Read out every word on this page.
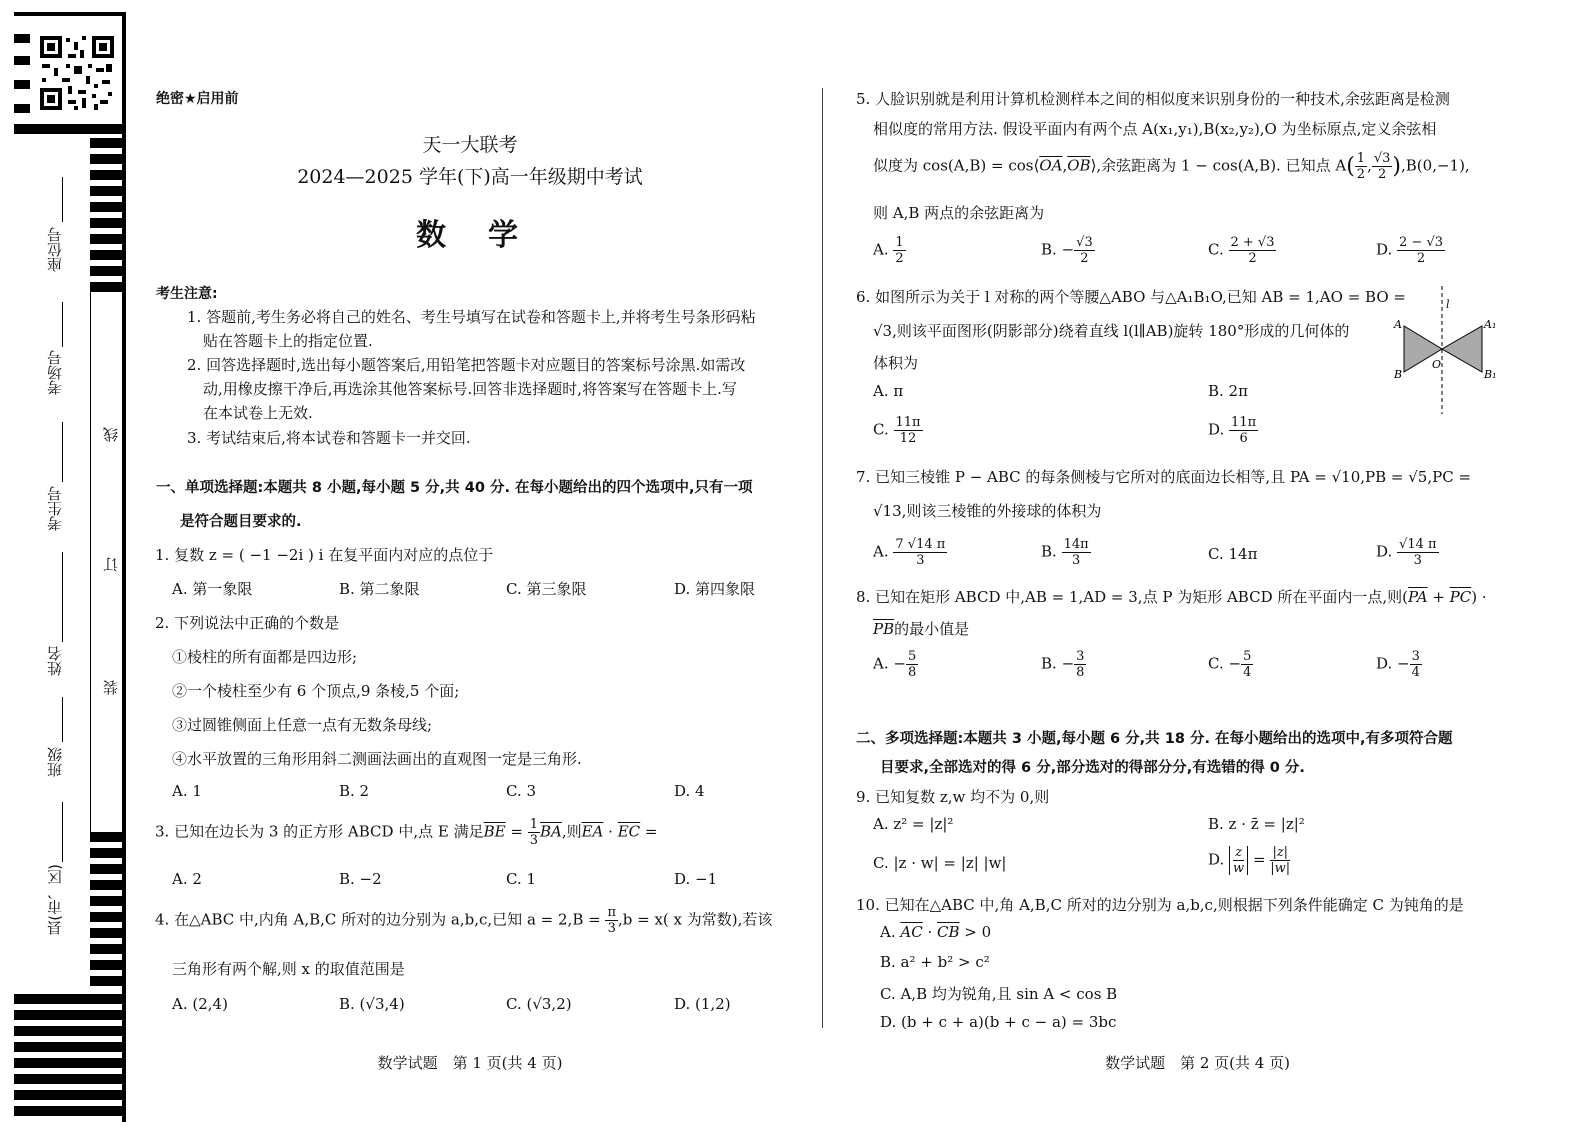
座位号
考场号
考生号
姓名
班级
县(市、区)
线
订
装
绝密★启用前
天一大联考
2024—2025 学年(下)高一年级期中考试
数　学
考生注意:
1. 答题前,考生务必将自己的姓名、考生号填写在试卷和答题卡上,并将考生号条形码粘
贴在答题卡上的指定位置.
2. 回答选择题时,选出每小题答案后,用铅笔把答题卡对应题目的答案标号涂黑.如需改
动,用橡皮擦干净后,再选涂其他答案标号.回答非选择题时,将答案写在答题卡上.写
在本试卷上无效.
3. 考试结束后,将本试卷和答题卡一并交回.
一、单项选择题:本题共 8 小题,每小题 5 分,共 40 分. 在每小题给出的四个选项中,只有一项
是符合题目要求的.
1. 复数 z = ( −1 −2i ) i 在复平面内对应的点位于
A. 第一象限	B. 第二象限	C. 第三象限	D. 第四象限
2. 下列说法中正确的个数是
①棱柱的所有面都是四边形;
②一个棱柱至少有 6 个顶点,9 条棱,5 个面;
③过圆锥侧面上任意一点有无数条母线;
④水平放置的三角形用斜二测画法画出的直观图一定是三角形.
A. 1	B. 2	C. 3	D. 4
3. 已知在边长为 3 的正方形 ABCD 中,点 E 满足$\overline{BE} = \frac{1}{3} \overline{BA}$,则$\overline{EA} \cdot \overline{EC}$ =
A. 2	B. −2	C. 1	D. −1
4. 在△ABC 中,内角 A,B,C 所对的边分别为 a,b,c,已知 $a = 2,B = \frac{\pi}{3} ,b = x$( x 为常数),若该
三角形有两个解,则 x 的取值范围是
A. (2,4)	B. (√3,4)	C. (√3,2)	D. (1,2)
数学试题　第 1 页(共 4 页)
5. 人脸识别就是利用计算机检测样本之间的相似度来识别身份的一种技术,余弦距离是检测
相似度的常用方法. 假设平面内有两个点 A(x₁,y₁),B(x₂,y₂),O 为坐标原点,定义余弦相
似度为 $\cos(A,B) = \cos⟨\overline{OA},\overline{OB}⟩$,余弦距离为 1 − cos(A,B). 已知点 $A( \frac{1}{2}$ , $\frac{√3}{2} ),B(0,-1)$,
则 A,B 两点的余弦距离为
A. $\frac{1}{2}$	B. − $\frac{√3}{2}$	C. $\frac{2 + √3}{2}$	D. $\frac{2 - √3}{2}$
6. 如图所示为关于 l 对称的两个等腰△ABO 与△A₁B₁O,已知 AB = 1,AO = BO =
√3,则该平面图形(阴影部分)绕着直线 l(l∥AB)旋转 180°形成的几何体的
体积为
A. π	B. 2π
C. $\frac{11\pi}{12}$	D. $\frac{11\pi}{6}$
l
A
B
O
A₁
B₁
7. 已知三棱锥 P − ABC 的每条侧棱与它所对的底面边长相等,且 PA = √10,PB = √5,PC =
√13,则该三棱锥的外接球的体积为
A. $\frac{7 √14 \pi}{3}$	B. $\frac{14\pi}{3}$	C. 14π	D. $\frac{√14 \pi}{3}$
8. 已知在矩形 ABCD 中,AB = 1,AD = 3,点 P 为矩形 ABCD 所在平面内一点,则$(\overline{PA} + \overline{PC})$ ·
$\overline{PB}$的最小值是
A. − $\frac{5}{8}$	B. − $\frac{3}{8}$	C. − $\frac{5}{4}$	D. − $\frac{3}{4}$
二、多项选择题:本题共 3 小题,每小题 6 分,共 18 分. 在每小题给出的选项中,有多项符合题
目要求,全部选对的得 6 分,部分选对的得部分分,有选错的得 0 分.
9. 已知复数 z,w 均不为 0,则
A. z² = |z|²	B. z · z̄ = |z|²
C. |z · w| = |z| |w|	D. $\frac{z}{w} = \frac{|z|}{|w|}$
10. 已知在△ABC 中,角 A,B,C 所对的边分别为 a,b,c,则根据下列条件能确定 C 为钝角的是
A. $\overline{AC} \cdot \overline{CB} > 0$
B. a² + b² > c²
C. A,B 均为锐角,且 sin A < cos B
D. (b + c + a)(b + c − a) = 3bc
数学试题　第 2 页(共 4 页)
